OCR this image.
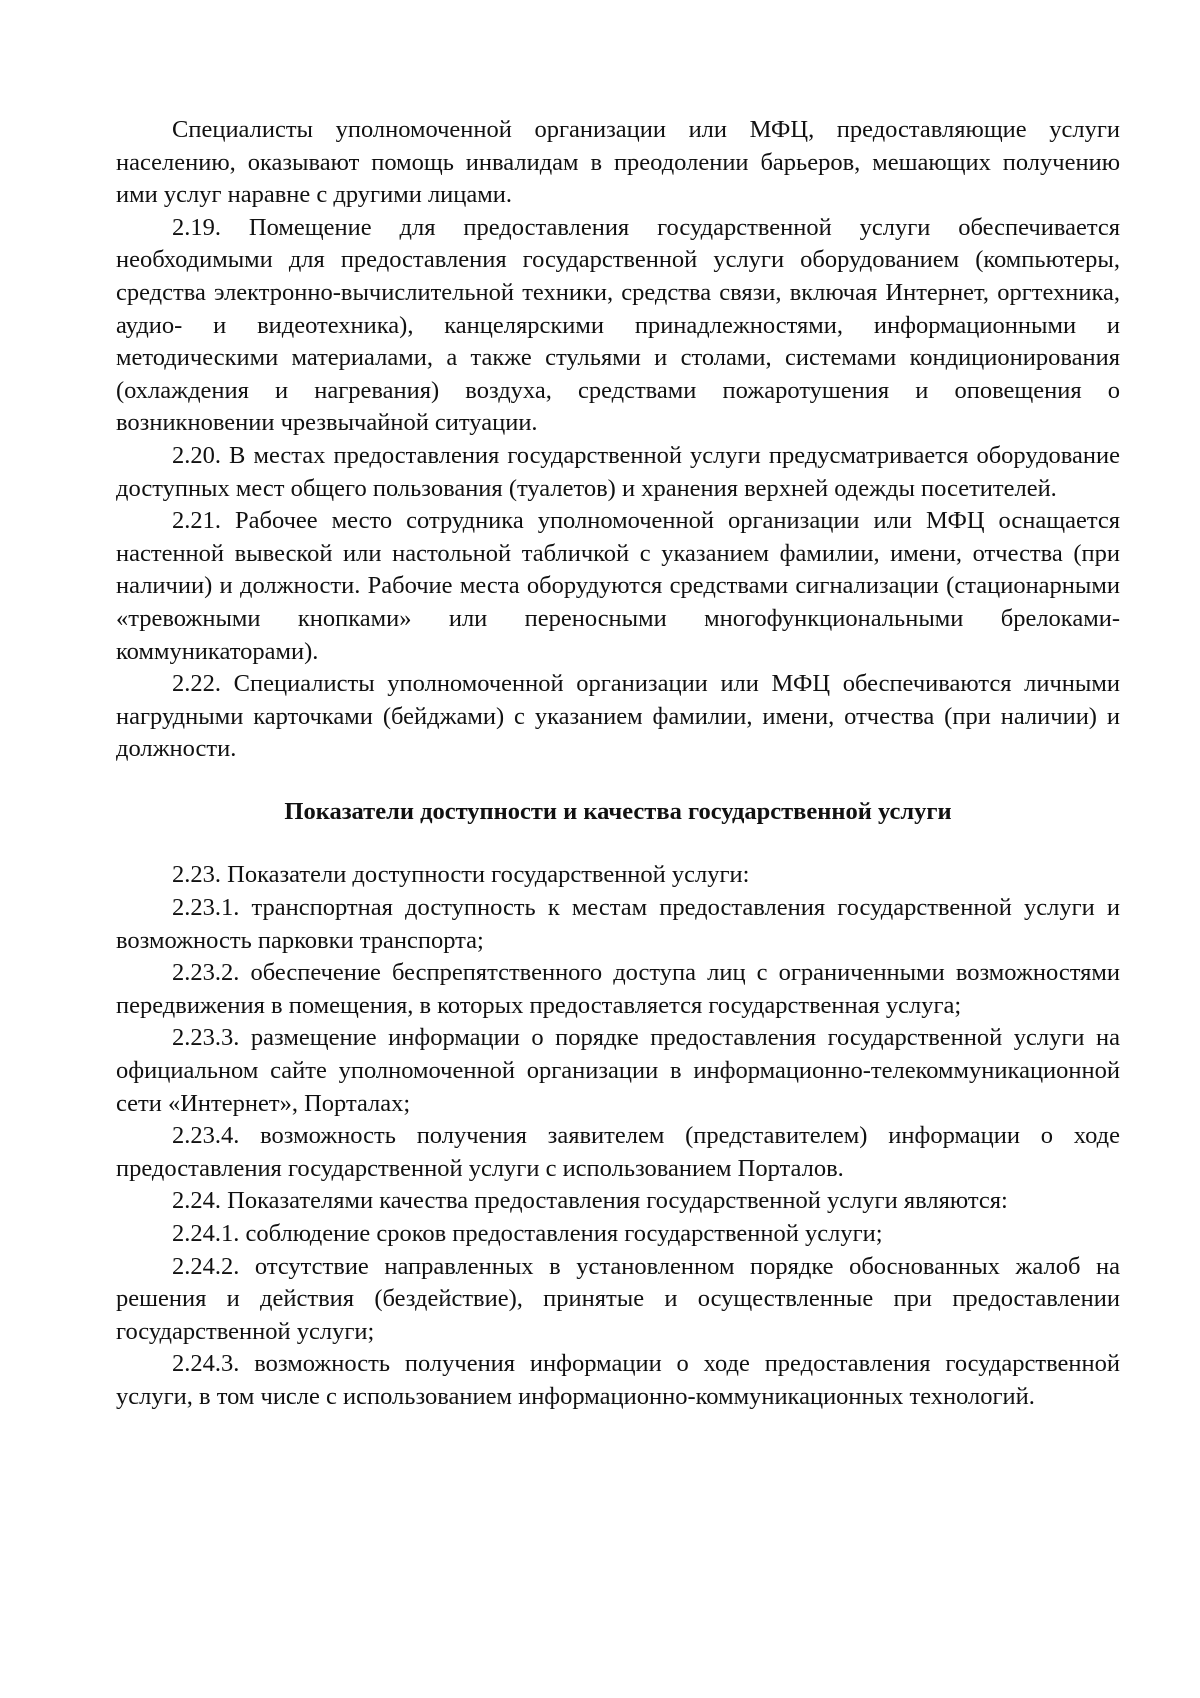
Специалисты уполномоченной организации или МФЦ, предоставляющие услуги населению, оказывают помощь инвалидам в преодолении барьеров, мешающих получению ими услуг наравне с другими лицами.

2.19. Помещение для предоставления государственной услуги обеспечивается необходимыми для предоставления государственной услуги оборудованием (компьютеры, средства электронно-вычислительной техники, средства связи, включая Интернет, оргтехника, аудио- и видеотехника), канцелярскими принадлежностями, информационными и методическими материалами, а также стульями и столами, системами кондиционирования (охлаждения и нагревания) воздуха, средствами пожаротушения и оповещения о возникновении чрезвычайной ситуации.

2.20. В местах предоставления государственной услуги предусматривается оборудование доступных мест общего пользования (туалетов) и хранения верхней одежды посетителей.

2.21. Рабочее место сотрудника уполномоченной организации или МФЦ оснащается настенной вывеской или настольной табличкой с указанием фамилии, имени, отчества (при наличии) и должности. Рабочие места оборудуются средствами сигнализации (стационарными «тревожными кнопками» или переносными многофункциональными брелоками-коммуникаторами).

2.22. Специалисты уполномоченной организации или МФЦ обеспечиваются личными нагрудными карточками (бейджами) с указанием фамилии, имени, отчества (при наличии) и должности.

Показатели доступности и качества государственной услуги

2.23. Показатели доступности государственной услуги:

2.23.1. транспортная доступность к местам предоставления государственной услуги и возможность парковки транспорта;

2.23.2. обеспечение беспрепятственного доступа лиц с ограниченными возможностями передвижения в помещения, в которых предоставляется государственная услуга;

2.23.3. размещение информации о порядке предоставления государственной услуги на официальном сайте уполномоченной организации в информационно-телекоммуникационной сети «Интернет», Порталах;

2.23.4. возможность получения заявителем (представителем) информации о ходе предоставления государственной услуги с использованием Порталов.

2.24. Показателями качества предоставления государственной услуги являются:

2.24.1. соблюдение сроков предоставления государственной услуги;

2.24.2. отсутствие направленных в установленном порядке обоснованных жалоб на решения и действия (бездействие), принятые и осуществленные при предоставлении государственной услуги;

2.24.3. возможность получения информации о ходе предоставления государственной услуги, в том числе с использованием информационно-коммуникационных технологий.
